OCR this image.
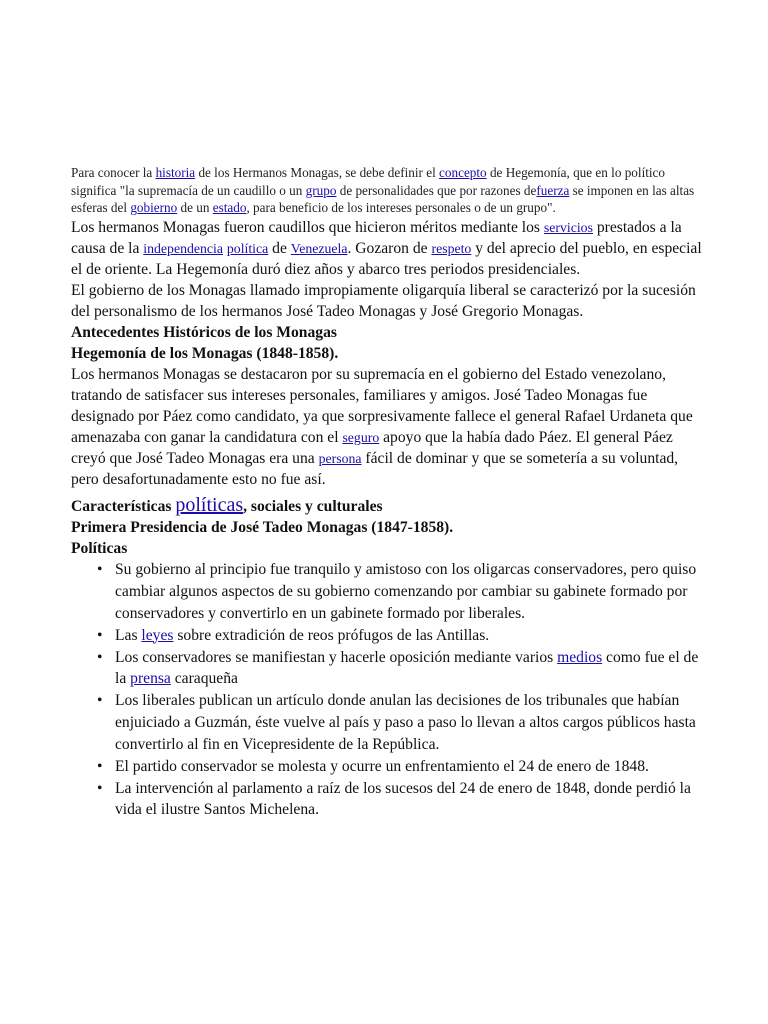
Para conocer la historia de los Hermanos Monagas, se debe definir el concepto de Hegemonía, que en lo político significa "la supremacía de un caudillo o un grupo de personalidades que por razones defuerza se imponen en las altas esferas del gobierno de un estado, para beneficio de los intereses personales o de un grupo".

Los hermanos Monagas fueron caudillos que hicieron méritos mediante los servicios prestados a la causa de la independencia política de Venezuela. Gozaron de respeto y del aprecio del pueblo, en especial el de oriente. La Hegemonía duró diez años y abarco tres periodos presidenciales.

El gobierno de los Monagas llamado impropiamente oligarquía liberal se caracterizó por la sucesión del personalismo de los hermanos José Tadeo Monagas y José Gregorio Monagas.

Antecedentes Históricos de los Monagas

Hegemonía de los Monagas (1848-1858).

Los hermanos Monagas se destacaron por su supremacía en el gobierno del Estado venezolano, tratando de satisfacer sus intereses personales, familiares y amigos. José Tadeo Monagas fue designado por Páez como candidato, ya que sorpresivamente fallece el general Rafael Urdaneta que amenazaba con ganar la candidatura con el seguro apoyo que la había dado Páez. El general Páez creyó que José Tadeo Monagas era una persona fácil de dominar y que se sometería a su voluntad, pero desafortunadamente esto no fue así.

Características políticas, sociales y culturales

Primera Presidencia de José Tadeo Monagas (1847-1858).

Políticas

• Su gobierno al principio fue tranquilo y amistoso con los oligarcas conservadores, pero quiso cambiar algunos aspectos de su gobierno comenzando por cambiar su gabinete formado por conservadores y convertirlo en un gabinete formado por liberales.
• Las leyes sobre extradición de reos prófugos de las Antillas.
• Los conservadores se manifiestan y hacerle oposición mediante varios medios como fue el de la prensa caraqueña
• Los liberales publican un artículo donde anulan las decisiones de los tribunales que habían enjuiciado a Guzmán, éste vuelve al país y paso a paso lo llevan a altos cargos públicos hasta convertirlo al fin en Vicepresidente de la República.
• El partido conservador se molesta y ocurre un enfrentamiento el 24 de enero de 1848.
• La intervención al parlamento a raíz de los sucesos del 24 de enero de 1848, donde perdió la vida el ilustre Santos Michelena.
